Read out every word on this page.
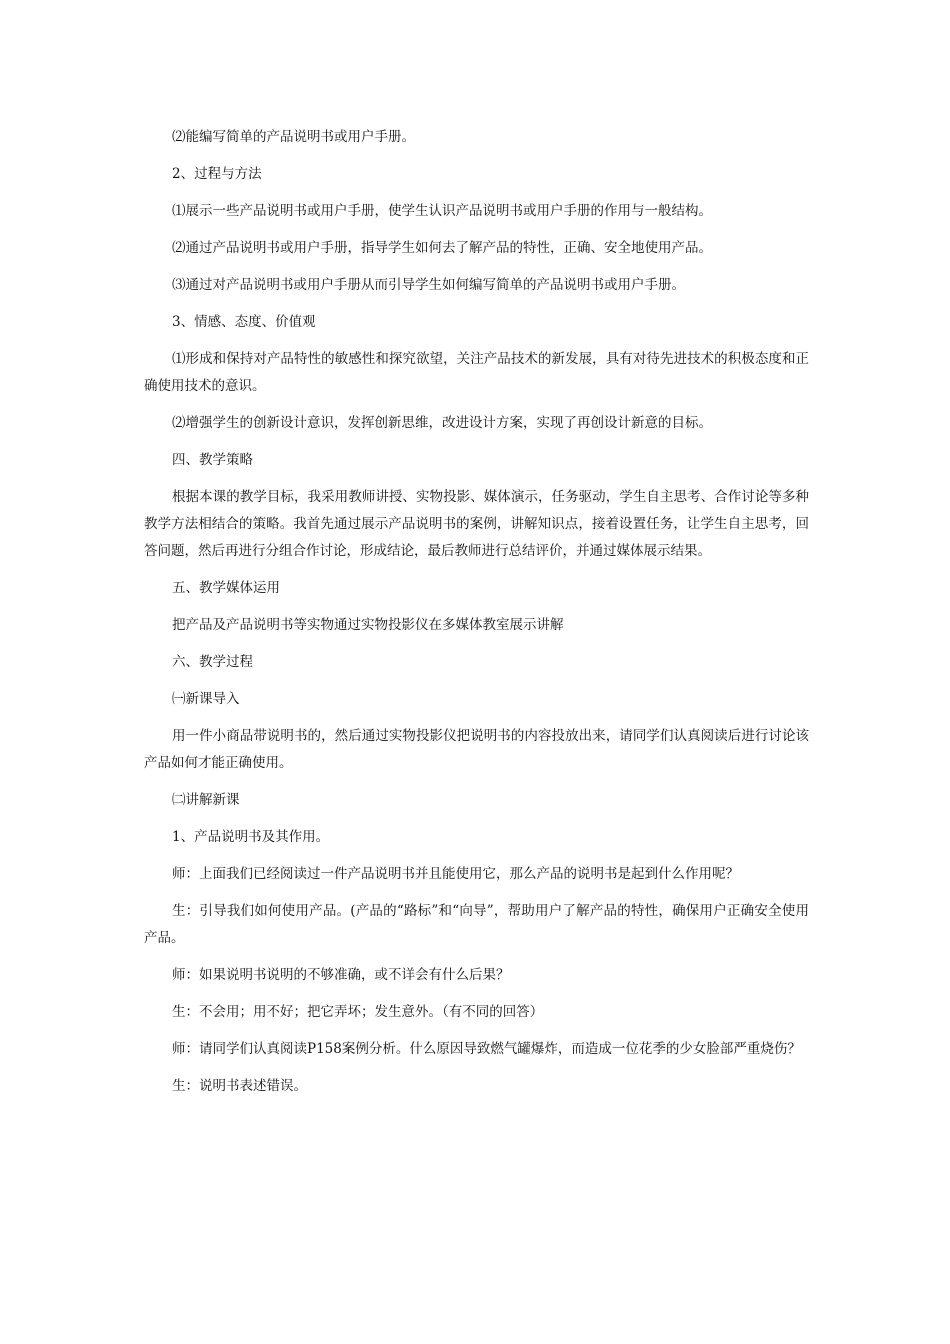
⑵能编写简单的产品说明书或用户手册。

2、过程与方法

⑴展示一些产品说明书或用户手册，使学生认识产品说明书或用户手册的作用与一般结构。

⑵通过产品说明书或用户手册，指导学生如何去了解产品的特性，正确、安全地使用产品。

⑶通过对产品说明书或用户手册从而引导学生如何编写简单的产品说明书或用户手册。

3、情感、态度、价值观

⑴形成和保持对产品特性的敏感性和探究欲望，关注产品技术的新发展，具有对待先进技术的积极态度和正确使用技术的意识。

⑵增强学生的创新设计意识，发挥创新思维，改进设计方案，实现了再创设计新意的目标。

四、教学策略

根据本课的教学目标，我采用教师讲授、实物投影、媒体演示，任务驱动，学生自主思考、合作讨论等多种教学方法相结合的策略。我首先通过展示产品说明书的案例，讲解知识点，接着设置任务，让学生自主思考，回答问题，然后再进行分组合作讨论，形成结论，最后教师进行总结评价，并通过媒体展示结果。

五、教学媒体运用

把产品及产品说明书等实物通过实物投影仪在多媒体教室展示讲解

六、教学过程

㈠新课导入

用一件小商品带说明书的，然后通过实物投影仪把说明书的内容投放出来，请同学们认真阅读后进行讨论该产品如何才能正确使用。

㈡讲解新课

1、产品说明书及其作用。

师：上面我们已经阅读过一件产品说明书并且能使用它，那么产品的说明书是起到什么作用呢？

生：引导我们如何使用产品。(产品的“路标”和“向导”，帮助用户了解产品的特性，确保用户正确安全使用产品。

师：如果说明书说明的不够准确，或不详会有什么后果？

生：不会用；用不好；把它弄坏；发生意外。（有不同的回答）

师：请同学们认真阅读P158案例分析。什么原因导致燃气罐爆炸，而造成一位花季的少女脸部严重烧伤？

生：说明书表述错误。
